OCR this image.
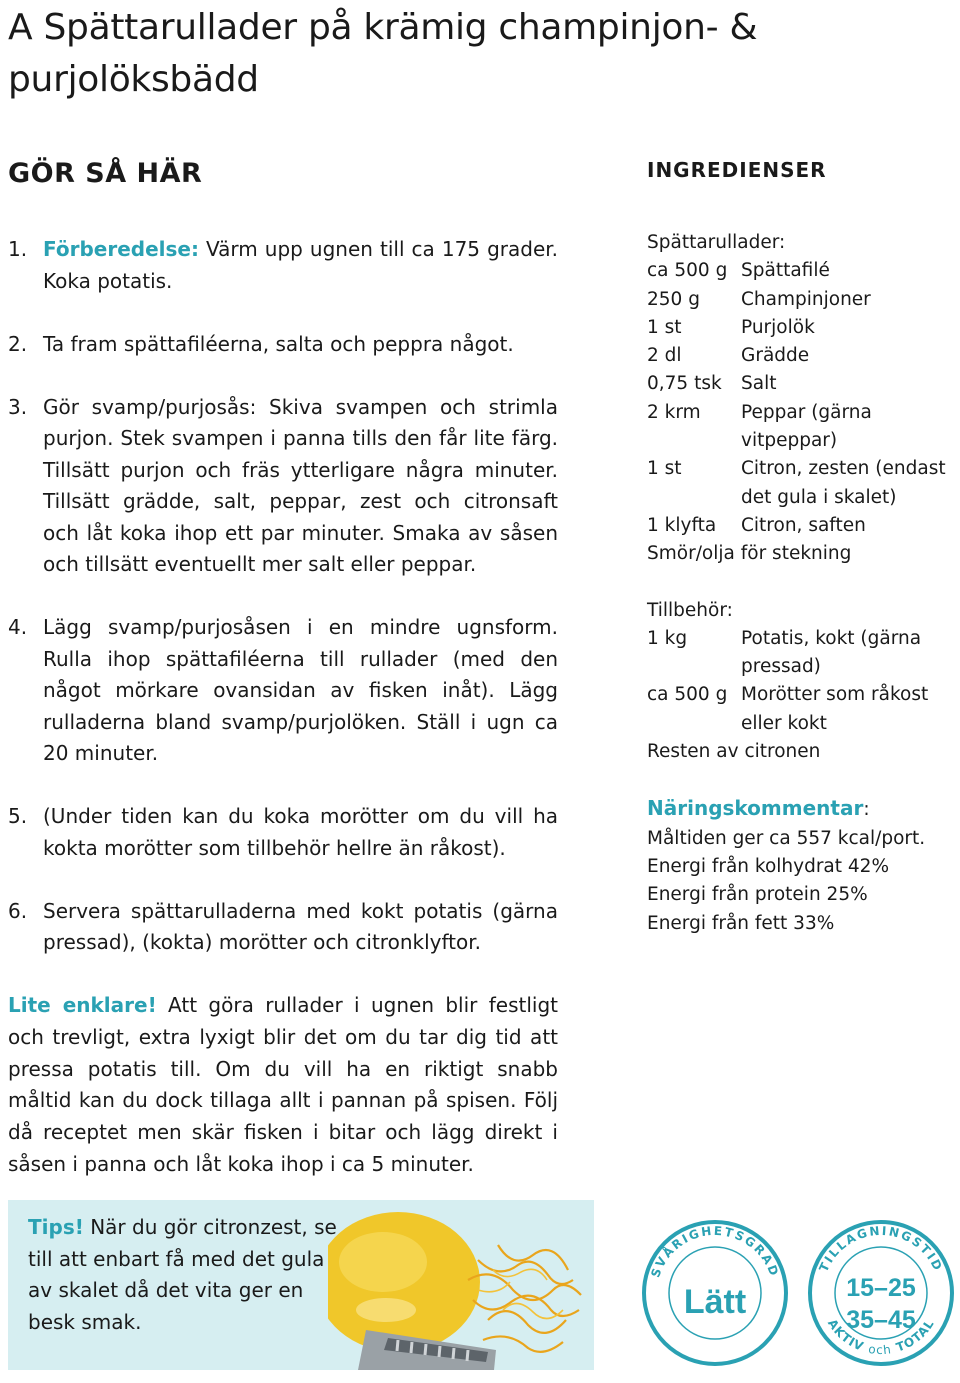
A Spättarullader på krämig champinjon- & purjolöksbädd
GÖR SÅ HÄR
1. Förberedelse: Värm upp ugnen till ca 175 grader. Koka potatis.
2. Ta fram spättafiléerna, salta och peppra något.
3. Gör svamp/purjosås: Skiva svampen och strimla purjon. Stek svampen i panna tills den får lite färg. Tillsätt purjon och fräs ytterligare några minuter. Tillsätt grädde, salt, peppar, zest och citronsaft och låt koka ihop ett par minuter. Smaka av såsen och tillsätt eventuellt mer salt eller peppar.
4. Lägg svamp/purjosåsen i en mindre ugnsform. Rulla ihop spättafiléerna till rullader (med den något mörkare ovansidan av fisken inåt). Lägg rulladerna bland svamp/purjolöken. Ställ i ugn ca 20 minuter.
5. (Under tiden kan du koka morötter om du vill ha kokta morötter som tillbehör hellre än råkost).
6. Servera spättarulladerna med kokt potatis (gärna pressad), (kokta) morötter och citronklyftor.
INGREDIENSER

Spättarullader:

ca 500 g Spättafilé
250 g	Champinjoner
1 st	Purjolök
2 dl	Grädde
0,75 tsk	Salt
2 krm	Peppar (gärna vitpeppar)
1 st	Citron, zesten (endast det gula i skalet)
1 klyfta	Citron, saften

Smör/olja för stekning

Tillbehör:

1 kg	Potatis, kokt (gärna pressad)
ca 500 g Morötter som råkost eller kokt

Resten av citronen

Näringskommentar:

Måltiden ger ca 557 kcal/port.

Energi från kolhydrat 42%

Energi från protein 25%

Energi från fett 33%

Lite enklare! Att göra rullader i ugnen blir festligt och trevligt, extra lyxigt blir det om du tar dig tid att pressa potatis till. Om du vill ha en riktigt snabb måltid kan du dock tillaga allt i pannan på spisen. Följ då receptet men skär fisken i bitar och lägg direkt i såsen i panna och låt koka ihop i ca 5 minuter.

Tips! När du gör citronzest, se till att enbart få med det gula av skalet då det vita ger en besk smak.

SVÅRIGHETSGRAD
Lätt
TILLAGNINGSTID
AKTIVoch TOTAL
15–25
35–45
